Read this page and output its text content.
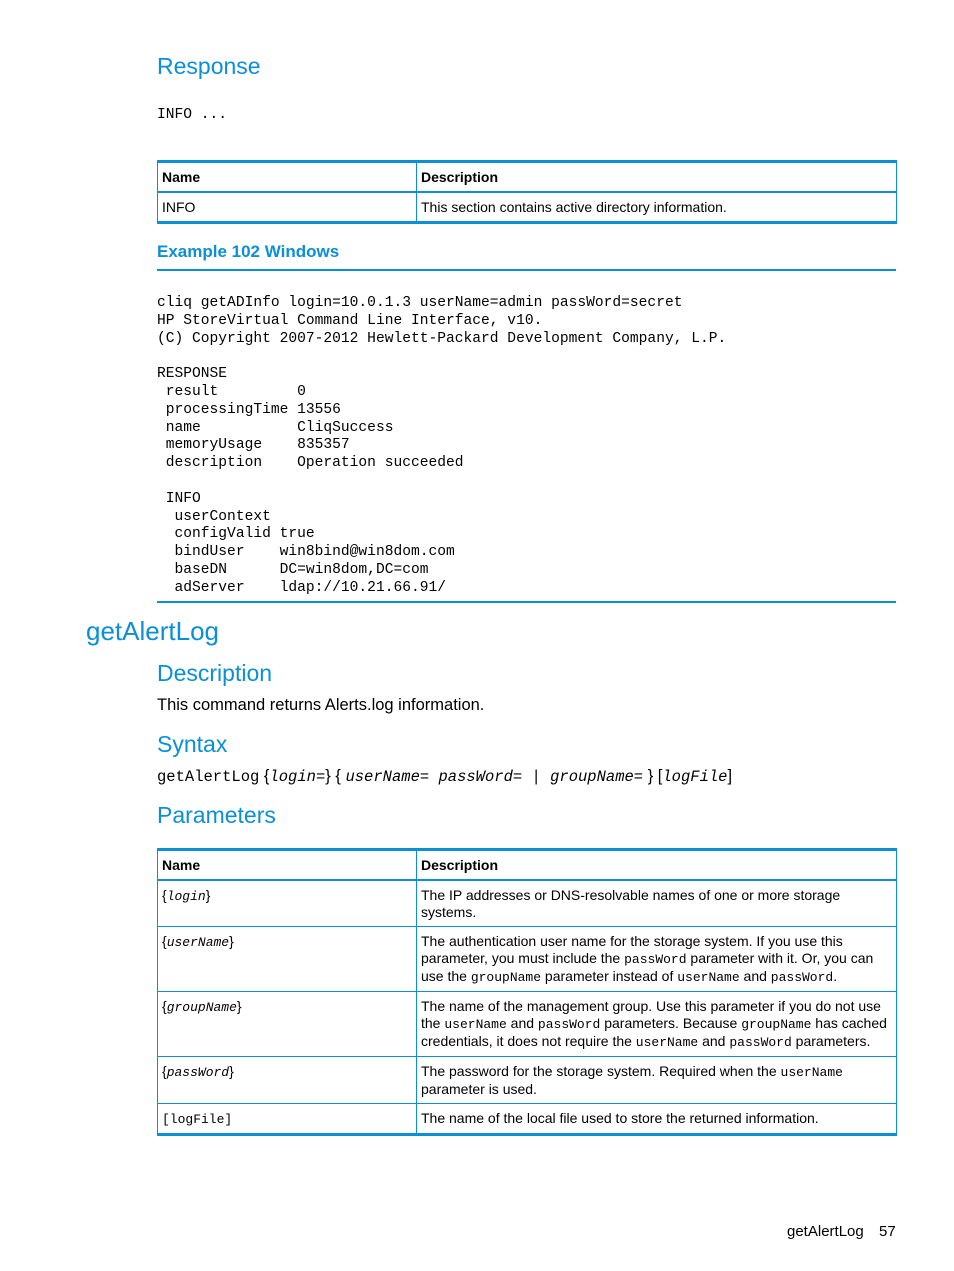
Response
INFO ...
Name	Description
INFO	This section contains active directory information.
Example 102 Windows
cliq getADInfo login=10.0.1.3 userName=admin passWord=secret
HP StoreVirtual Command Line Interface, v10.
(C) Copyright 2007-2012 Hewlett-Packard Development Company, L.P.

RESPONSE
result         0
processingTime 13556
name           CliqSuccess
memoryUsage    835357
description    Operation succeeded

INFO
userContext
configValid true
bindUser    win8bind@win8dom.com
baseDN      DC=win8dom,DC=com
adServer    ldap://10.21.66.91/
getAlertLog
Description
This command returns Alerts.log information.
Syntax
getAlertLog {login=} { userName= passWord= | groupName= } [logFile]
Parameters
Name	Description
{login}	The IP addresses or DNS-resolvable names of one or more storage systems.
{userName}	The authentication user name for the storage system. If you use this parameter, you must include the passWord parameter with it. Or, you can use the groupName parameter instead of userName and passWord.
{groupName}	The name of the management group. Use this parameter if you do not use the userName and passWord parameters. Because groupName has cached credentials, it does not require the userName and passWord parameters.
{passWord}	The password for the storage system. Required when the userName parameter is used.
[logFile]	The name of the local file used to store the returned information.
getAlertLog 57
